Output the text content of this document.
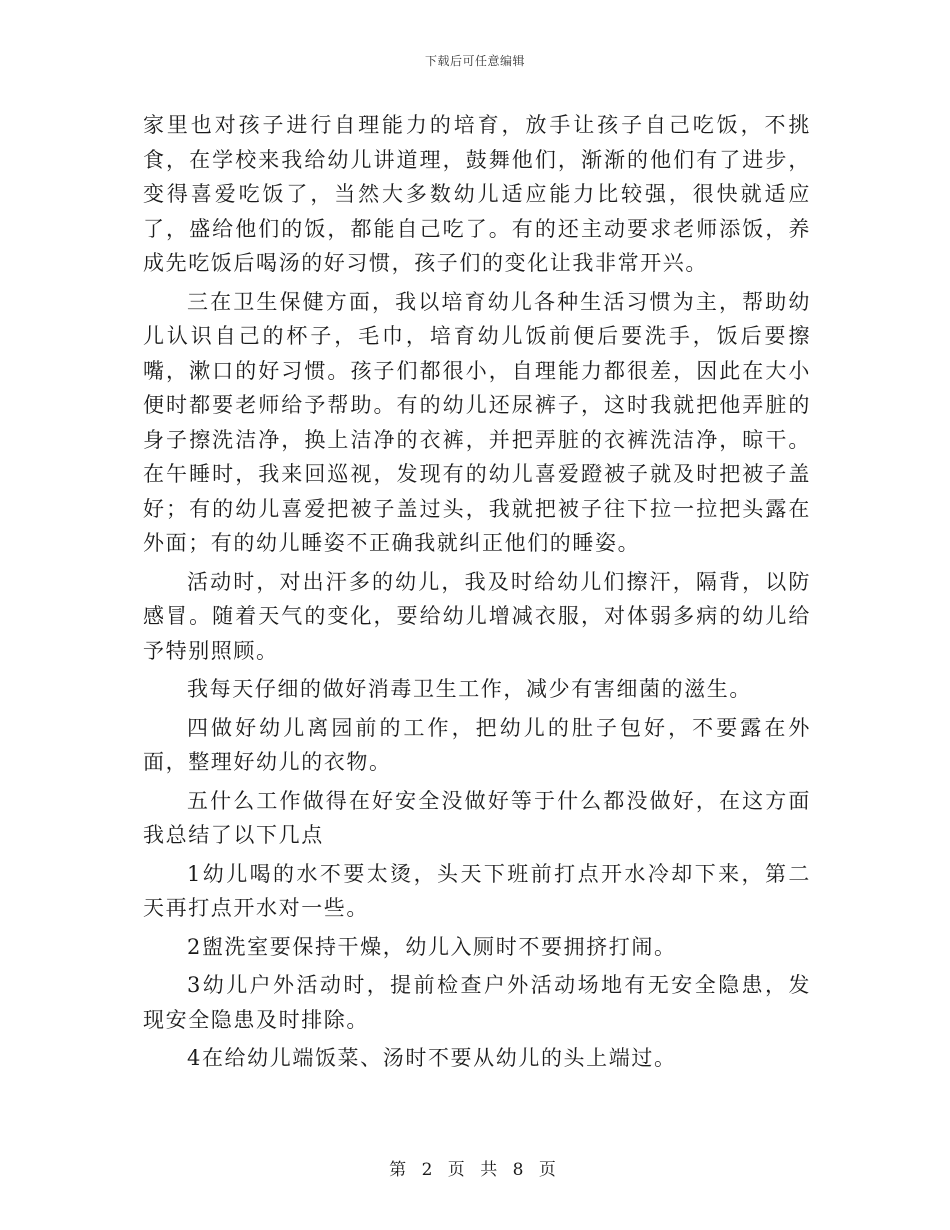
下载后可任意编辑

家里也对孩子进行自理能力的培育，放手让孩子自己吃饭，不挑食，在学校来我给幼儿讲道理，鼓舞他们，渐渐的他们有了进步，变得喜爱吃饭了，当然大多数幼儿适应能力比较强，很快就适应了，盛给他们的饭，都能自己吃了。有的还主动要求老师添饭，养成先吃饭后喝汤的好习惯，孩子们的变化让我非常开兴。

三在卫生保健方面，我以培育幼儿各种生活习惯为主，帮助幼儿认识自己的杯子，毛巾，培育幼儿饭前便后要洗手，饭后要擦嘴，漱口的好习惯。孩子们都很小，自理能力都很差，因此在大小便时都要老师给予帮助。有的幼儿还尿裤子，这时我就把他弄脏的身子擦洗洁净，换上洁净的衣裤，并把弄脏的衣裤洗洁净，晾干。在午睡时，我来回巡视，发现有的幼儿喜爱蹬被子就及时把被子盖好；有的幼儿喜爱把被子盖过头，我就把被子往下拉一拉把头露在外面；有的幼儿睡姿不正确我就纠正他们的睡姿。

活动时，对出汗多的幼儿，我及时给幼儿们擦汗，隔背，以防感冒。随着天气的变化，要给幼儿增减衣服，对体弱多病的幼儿给予特别照顾。

我每天仔细的做好消毒卫生工作，减少有害细菌的滋生。

四做好幼儿离园前的工作，把幼儿的肚子包好，不要露在外面，整理好幼儿的衣物。

五什么工作做得在好安全没做好等于什么都没做好，在这方面我总结了以下几点

1幼儿喝的水不要太烫，头天下班前打点开水冷却下来，第二天再打点开水对一些。

2盥洗室要保持干燥，幼儿入厕时不要拥挤打闹。

3幼儿户外活动时，提前检查户外活动场地有无安全隐患，发现安全隐患及时排除。

4在给幼儿端饭菜、汤时不要从幼儿的头上端过。

第 2 页 共 8 页
